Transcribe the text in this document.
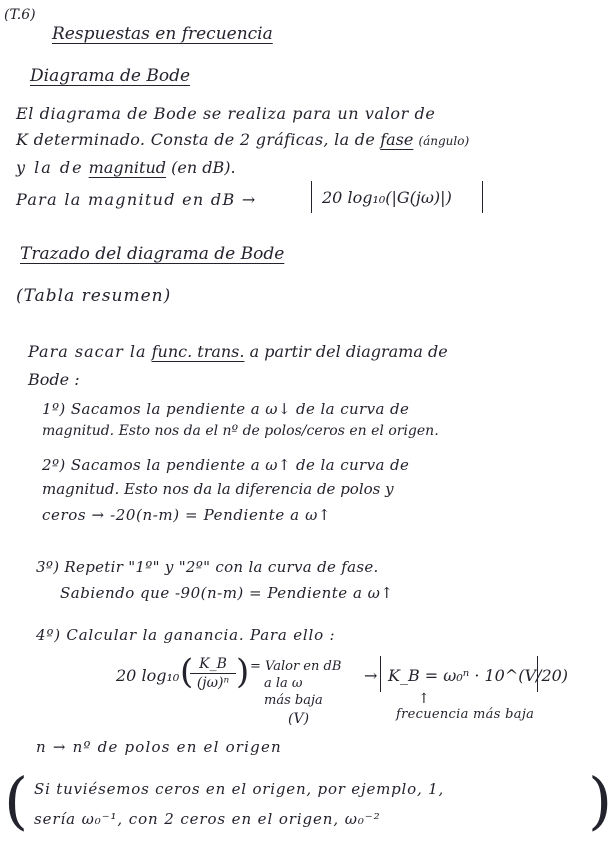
(T.6)
Respuestas en frecuencia
Diagrama de Bode
El diagrama de Bode se realiza para un valor de
K determinado. Consta de 2 gráficas, la de fase (ángulo)
y la de magnitud (en dB).
Para la magnitud en dB →	20 log₁₀(|G(jω)|)
Trazado del diagrama de Bode
(Tabla resumen)
Para sacar la func. trans. a partir del diagrama de
Bode :
1º) Sacamos la pendiente a ω↓ de la curva de
magnitud. Esto nos da el nº de polos/ceros en el origen.
2º) Sacamos la pendiente a ω↑ de la curva de
magnitud. Esto nos da la diferencia de polos y
ceros → -20(n-m) = Pendiente a ω↑
3º) Repetir "1º" y "2º" con la curva de fase.
Sabiendo que -90(n-m) = Pendiente a ω↑
4º) Calcular la ganancia. Para ello :
20 log₁₀ ( K_B
(jω)ⁿ ) = Valor en dB
a la ω
más baja
(V)
→ K_B = ω₀ⁿ · 10^(V/20)
↑
frecuencia más baja
n → nº de polos en el origen
( Si tuviésemos ceros en el origen, por ejemplo, 1,
sería ω₀⁻¹, con 2 ceros en el origen, ω₀⁻²	)
